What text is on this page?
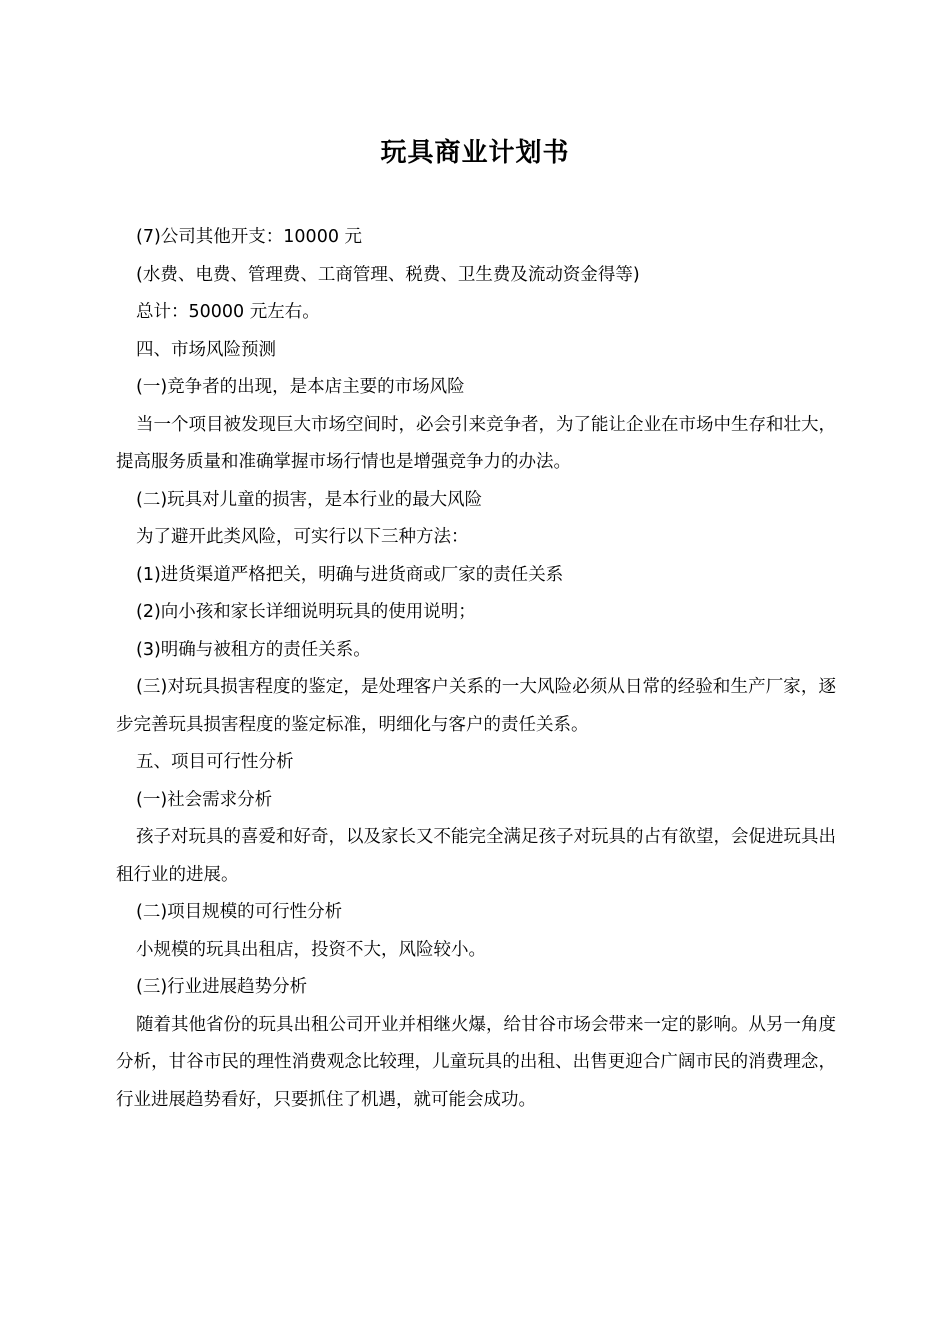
玩具商业计划书

(7)公司其他开支：10000 元

(水费、电费、管理费、工商管理、税费、卫生费及流动资金得等)

总计：50000 元左右。

四、市场风险预测

(一)竞争者的出现，是本店主要的市场风险

当一个项目被发现巨大市场空间时，必会引来竞争者，为了能让企业在市场中生存和壮大，提高服务质量和准确掌握市场行情也是增强竞争力的办法。

(二)玩具对儿童的损害，是本行业的最大风险

为了避开此类风险，可实行以下三种方法：

(1)进货渠道严格把关，明确与进货商或厂家的责任关系

(2)向小孩和家长详细说明玩具的使用说明；

(3)明确与被租方的责任关系。

(三)对玩具损害程度的鉴定，是处理客户关系的一大风险必须从日常的经验和生产厂家，逐步完善玩具损害程度的鉴定标准，明细化与客户的责任关系。

五、项目可行性分析

(一)社会需求分析

孩子对玩具的喜爱和好奇，以及家长又不能完全满足孩子对玩具的占有欲望，会促进玩具出租行业的进展。

(二)项目规模的可行性分析

小规模的玩具出租店，投资不大，风险较小。

(三)行业进展趋势分析

随着其他省份的玩具出租公司开业并相继火爆，给甘谷市场会带来一定的影响。从另一角度分析，甘谷市民的理性消费观念比较理，儿童玩具的出租、出售更迎合广阔市民的消费理念，行业进展趋势看好，只要抓住了机遇，就可能会成功。
